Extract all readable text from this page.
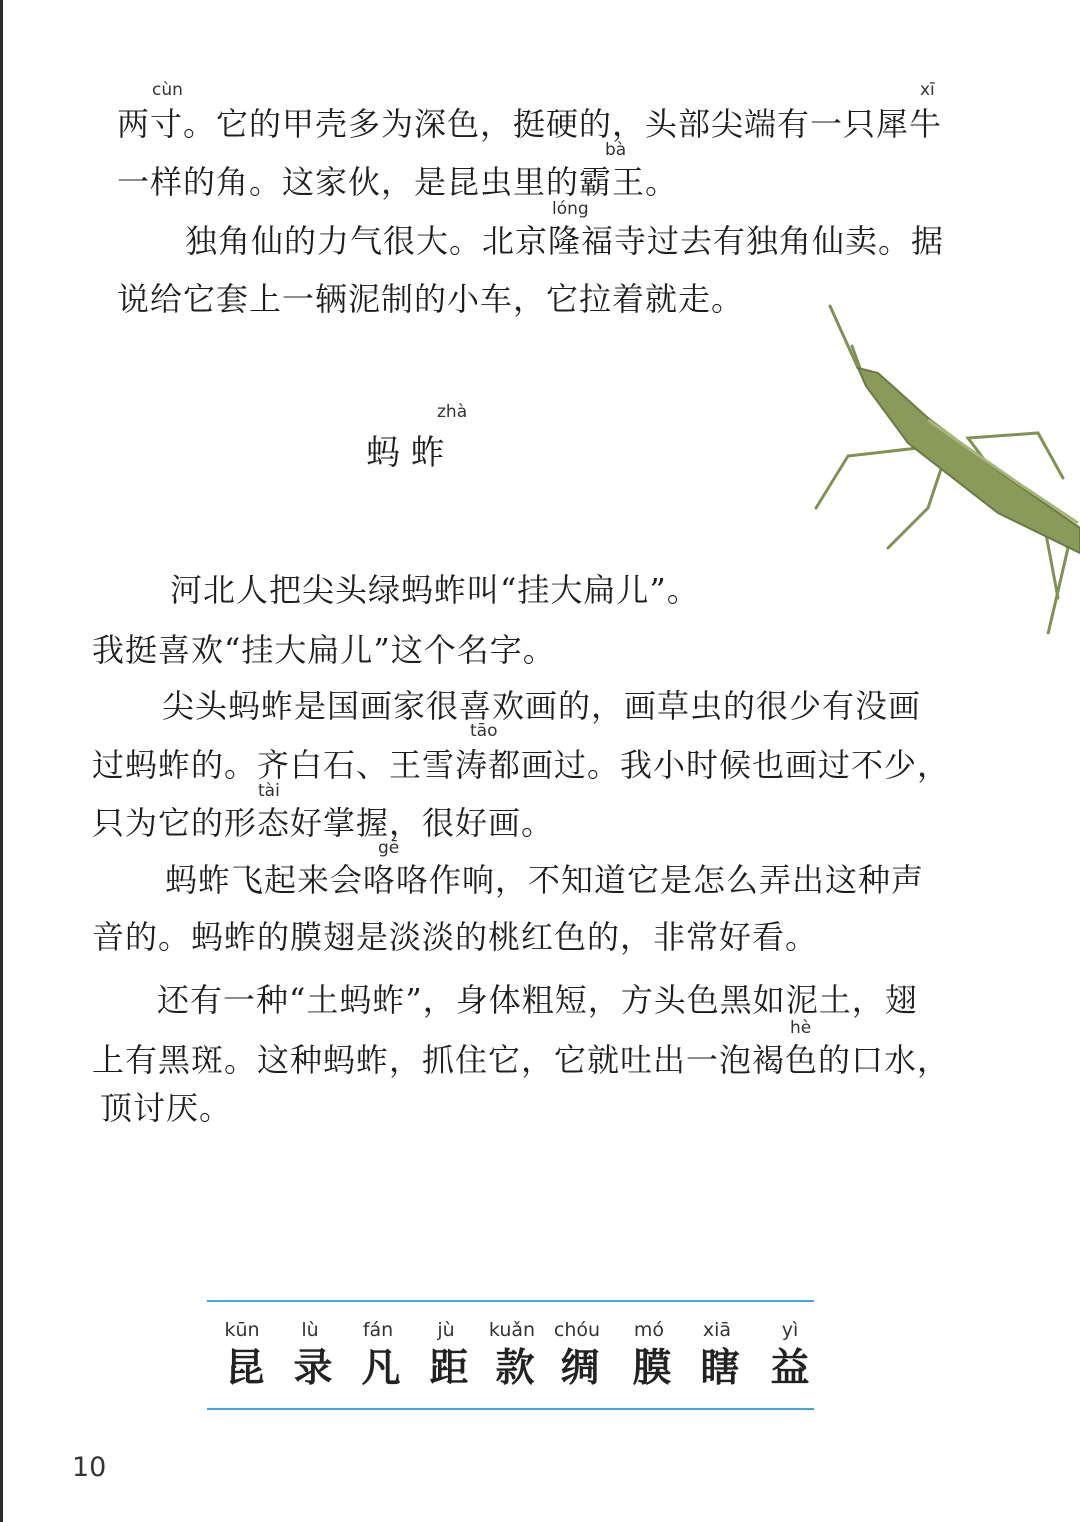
cùn	xī
两寸。它的甲壳多为深色，挺硬的，头部尖端有一只犀牛
bà
一样的角。这家伙，是昆虫里的霸王。
lóng
独角仙的力气很大。北京隆福寺过去有独角仙卖。据
说给它套上一辆泥制的小车，它拉着就走。
zhà
蚂 蚱
河北人把尖头绿蚂蚱叫“挂大扁儿”。
我挺喜欢“挂大扁儿”这个名字。
尖头蚂蚱是国画家很喜欢画的，画草虫的很少有没画
tāo
过蚂蚱的。齐白石、王雪涛都画过。我小时候也画过不少，
tài
只为它的形态好掌握，很好画。
gē
蚂蚱飞起来会咯咯作响，不知道它是怎么弄出这种声
音的。蚂蚱的膜翅是淡淡的桃红色的，非常好看。
还有一种“土蚂蚱”，身体粗短，方头色黑如泥土，翅
hè
上有黑斑。这种蚂蚱，抓住它，它就吐出一泡褐色的口水，
顶讨厌。
kūn	lù	fán	jù	kuǎn chóu	mó	xiā	yì
昆 录 凡 距 款 绸 膜 瞎 益
10
